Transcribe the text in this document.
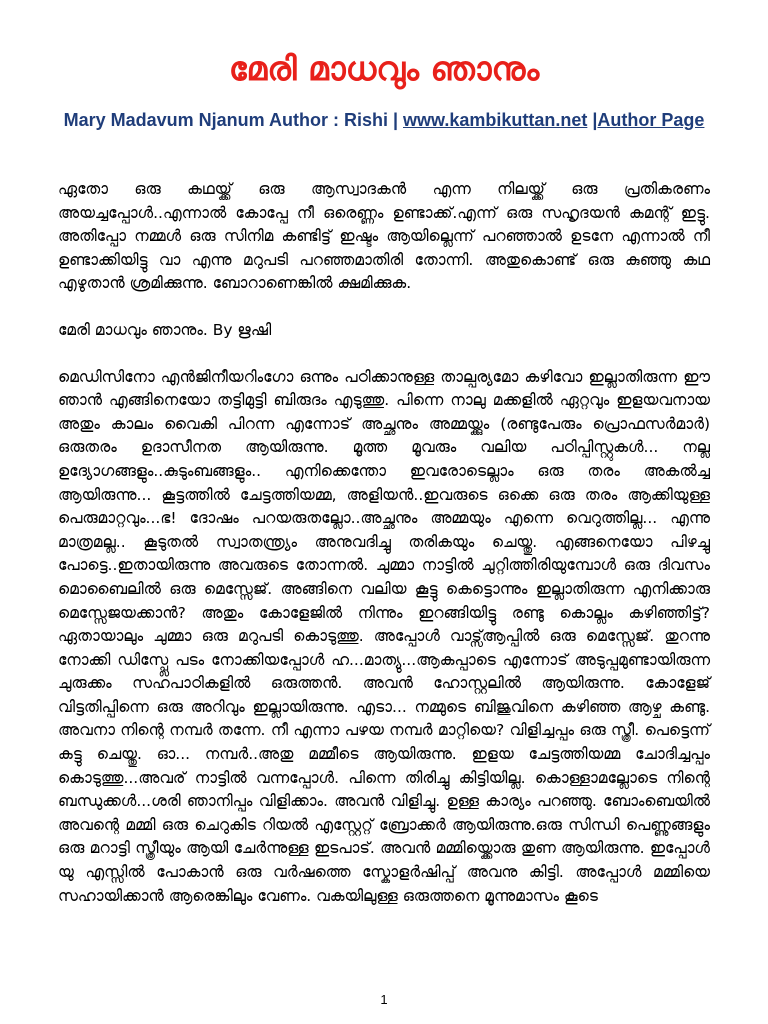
മേരി മാധവും ഞാനും
Mary Madavum Njanum Author : Rishi | www.kambikuttan.net |Author Page

ഏതോ ഒരു കഥയ്ക്ക് ഒരു ആസ്വാദകൻ എന്ന നിലയ്ക്ക് ഒരു പ്രതികരണം അയച്ചപ്പോൾ..എന്നാൽ കോപ്പേ നീ ഒരെണ്ണം ഉണ്ടാക്ക്.എന്ന് ഒരു സഹൃദയൻ കമന്റ് ഇട്ടു. അതിപ്പോ നമ്മൾ ഒരു സിനിമ കണ്ടിട്ട് ഇഷ്ടം ആയില്ലെന്ന് പറഞ്ഞാൽ ഉടനേ എന്നാൽ നീ ഉണ്ടാക്കിയിട്ടു വാ എന്നു മറുപടി പറഞ്ഞമാതിരി തോന്നി. അതുകൊണ്ട് ഒരു കുഞ്ഞു കഥ എഴുതാൻ ശ്രമിക്കുന്നു. ബോറാണെങ്കിൽ ക്ഷമിക്കുക.

മേരി മാധവും ഞാനും. By ഋഷി

മെഡിസിനോ എൻജിനീയറിംഗോ ഒന്നും പഠിക്കാനുള്ള താല്പര്യമോ കഴിവോ ഇല്ലാതിരുന്ന ഈ ഞാൻ എങ്ങിനെയോ തട്ടിമുട്ടി ബിരുദം എടുത്തു. പിന്നെ നാലു മക്കളിൽ ഏറ്റവും ഇളയവനായ അതും കാലം വൈകി പിറന്ന എന്നോട് അച്ഛനും അമ്മയ്ക്കും (രണ്ടുപേരും പ്രൊഫസർമാർ) ഒരുതരം ഉദാസീനത ആയിരുന്നു. മൂത്ത മൂവരും വലിയ പഠിപ്പിസ്റ്റുകൾ... നല്ല ഉദ്യോഗങ്ങളും..കുടുംബങ്ങളും.. എനിക്കെന്തോ ഇവരോടെല്ലാം ഒരു തരം അകൽച്ച ആയിരുന്നു... കൂട്ടത്തിൽ ചേട്ടത്തിയമ്മ, അളിയൻ..ഇവരുടെ ഒക്കെ ഒരു തരം ആക്കിയുള്ള പെരുമാറ്റവും...ഭ! ദോഷം പറയരുതല്ലോ..അച്ഛനും അമ്മയും എന്നെ വെറുത്തില്ല... എന്നു മാത്രമല്ല.. കൂടുതൽ സ്വാതന്ത്ര്യം അനുവദിച്ചു തരികയും ചെയ്തു. എങ്ങനെയോ പിഴച്ചു പോട്ടെ..ഇതായിരുന്നു അവരുടെ തോന്നൽ. ചുമ്മാ നാട്ടിൽ ചുറ്റിത്തിരിയുമ്പോൾ ഒരു ദിവസം മൊബൈലിൽ ഒരു മെസ്സേജ്. അങ്ങിനെ വലിയ കൂട്ടു കെട്ടൊന്നും ഇല്ലാതിരുന്ന എനിക്കാരു മെസ്സേജയക്കാൻ? അതും കോളേജിൽ നിന്നും ഇറങ്ങിയിട്ടു രണ്ടു കൊല്ലം കഴിഞ്ഞിട്ട്? ഏതായാലും ചുമ്മാ ഒരു മറുപടി കൊടുത്തു. അപ്പോൾ വാട്സ്ആപ്പിൽ ഒരു മെസ്സേജ്. തുറന്നു നോക്കി ഡിസ്പ്ലേ പടം നോക്കിയപ്പോൾ ഹ...മാത്യു...ആകപ്പാടെ എന്നോട് അടുപ്പമുണ്ടായിരുന്ന ചുരുക്കം സഹപാഠികളിൽ ഒരുത്തൻ. അവൻ ഹോസ്റ്റലിൽ ആയിരുന്നു. കോളേജ് വിട്ടതിപ്പിന്നെ ഒരു അറിവും ഇല്ലായിരുന്നു. എടാ... നമ്മുടെ ബിജുവിനെ കഴിഞ്ഞ ആഴ്ച കണ്ടു. അവനാ നിന്റെ നമ്പർ തന്നേ. നീ എന്നാ പഴയ നമ്പർ മാറ്റിയെ? വിളിച്ചപ്പം ഒരു സ്ത്രീ. പെട്ടെന്ന് കട്ടു ചെയ്തു. ഓ... നമ്പർ..അതു മമ്മീടെ ആയിരുന്നു. ഇളയ ചേട്ടത്തിയമ്മ ചോദിച്ചപ്പം കൊടുത്തു...അവര് നാട്ടിൽ വന്നപ്പോൾ. പിന്നെ തിരിച്ചു കിട്ടിയില്ല. കൊള്ളാമല്ലോടെ നിന്റെ ബന്ധുക്കൾ...ശരി ഞാനിപ്പം വിളിക്കാം. അവൻ വിളിച്ചു. ഉള്ള കാര്യം പറഞ്ഞു. ബോംബെയിൽ അവന്റെ മമ്മി ഒരു ചെറുകിട റിയൽ എസ്റ്റേറ്റ് ബ്രോക്കർ ആയിരുന്നു.ഒരു സിന്ധി പെണ്ണുങ്ങളും ഒരു മറാട്ടി സ്ത്രീയും ആയി ചേർന്നുള്ള ഇടപാട്. അവൻ മമ്മിയ്ക്കൊരു തുണ ആയിരുന്നു. ഇപ്പോൾ യു എസ്സിൽ പോകാൻ ഒരു വർഷത്തെ സ്കോളർഷിപ്പ് അവനു കിട്ടി. അപ്പോൾ മമ്മിയെ സഹായിക്കാൻ ആരെങ്കിലും വേണം. വകയിലുള്ള ഒരുത്തനെ മൂന്നുമാസം കൂടെ

1
